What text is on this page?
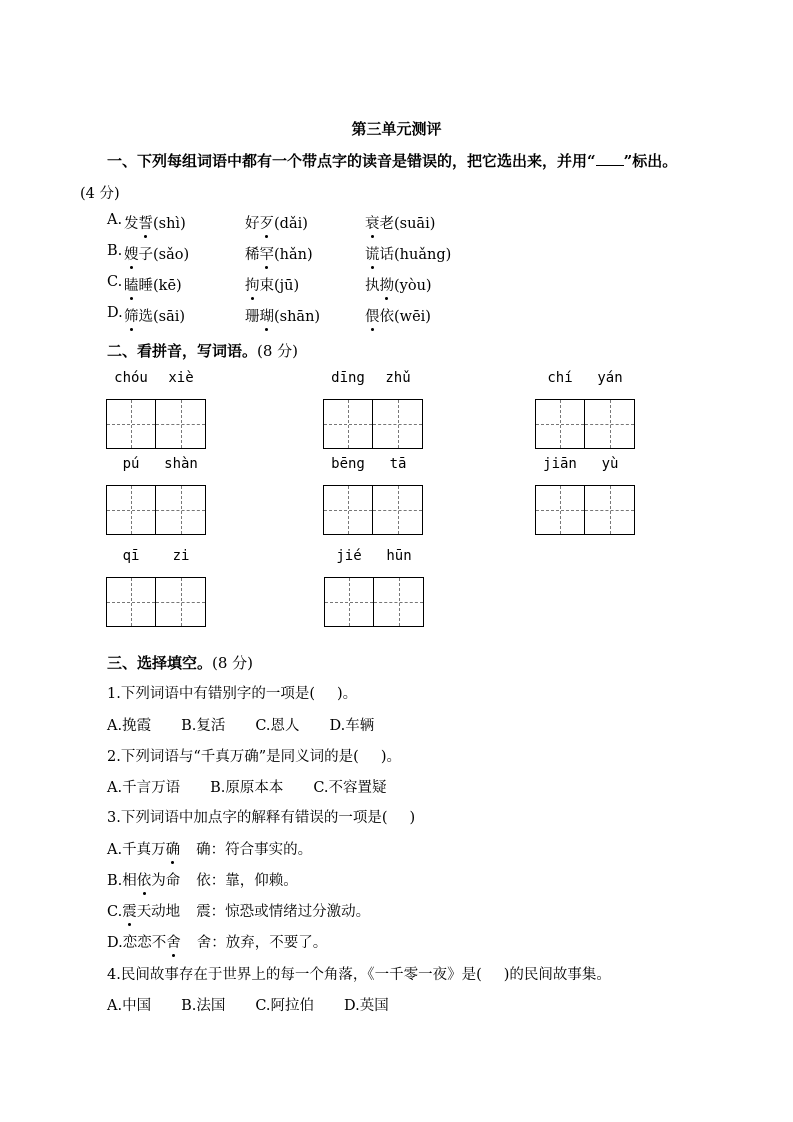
第三单元测评
一、下列每组词语中都有一个带点字的读音是错误的，把它选出来，并用“ ”标出。
(4 分)
A. 发誓(shì)	好歹(dǎi)	衰老(suāi)
B. 嫂子(sǎo)	稀罕(hǎn)	谎话(huǎng)
C. 瞌睡(kē)	拘束(jū)	执拗(yòu)
D. 筛选(sāi)	珊瑚(shān)	偎依(wēi)
二、看拼音，写词语。(8 分)
chóu	xiè	dīng	zhǔ	chí	yán
pú	shàn	bēng	tā	jiān	yù
qī	zi	jié	hūn
三、选择填空。(8 分)
1.下列词语中有错别字的一项是( )。
A.挽霞 B.复活 C.恩人 D.车辆
2.下列词语与“千真万确”是同义词的是( )。
A.千言万语 B.原原本本 C.不容置疑
3.下列词语中加点字的解释有错误的一项是( )
A.千真万确 确：符合事实的。
B.相依为命 依：靠，仰赖。
C.震天动地 震：惊恐或情绪过分激动。
D.恋恋不舍 舍：放弃，不要了。
4.民间故事存在于世界上的每一个角落，《一千零一夜》是( )的民间故事集。
A.中国 B.法国 C.阿拉伯 D.英国
